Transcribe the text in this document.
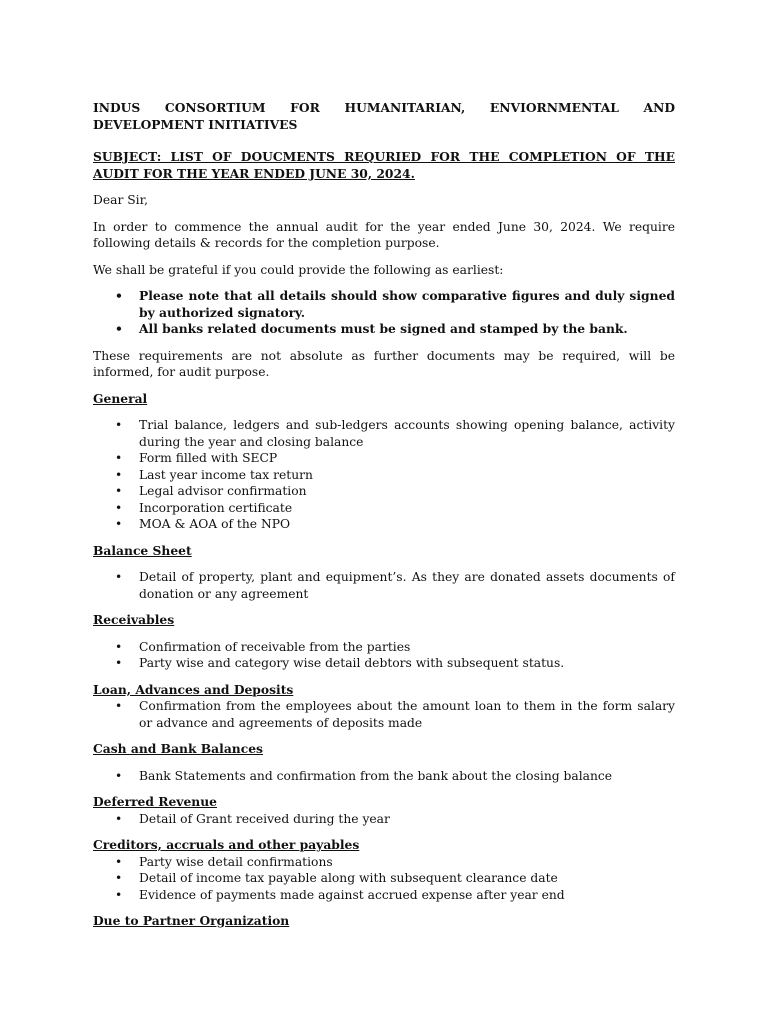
INDUS CONSORTIUM FOR HUMANITARIAN, ENVIORNMENTAL AND DEVELOPMENT INITIATIVES

SUBJECT: LIST OF DOUCMENTS REQURIED FOR THE COMPLETION OF THE AUDIT FOR THE YEAR ENDED JUNE 30, 2024.

Dear Sir,

In order to commence the annual audit for the year ended June 30, 2024. We require following details & records for the completion purpose.

We shall be grateful if you could provide the following as earliest:

• Please note that all details should show comparative figures and duly signed by authorized signatory.
• All banks related documents must be signed and stamped by the bank.

These requirements are not absolute as further documents may be required, will be informed, for audit purpose.

General

• Trial balance, ledgers and sub-ledgers accounts showing opening balance, activity during the year and closing balance
• Form filled with SECP
• Last year income tax return
• Legal advisor confirmation
• Incorporation certificate
• MOA & AOA of the NPO

Balance Sheet

• Detail of property, plant and equipment’s. As they are donated assets documents of donation or any agreement

Receivables

• Confirmation of receivable from the parties
• Party wise and category wise detail debtors with subsequent status.

Loan, Advances and Deposits

• Confirmation from the employees about the amount loan to them in the form salary or advance and agreements of deposits made

Cash and Bank Balances

• Bank Statements and confirmation from the bank about the closing balance

Deferred Revenue

• Detail of Grant received during the year

Creditors, accruals and other payables

• Party wise detail confirmations
• Detail of income tax payable along with subsequent clearance date
• Evidence of payments made against accrued expense after year end

Due to Partner Organization
